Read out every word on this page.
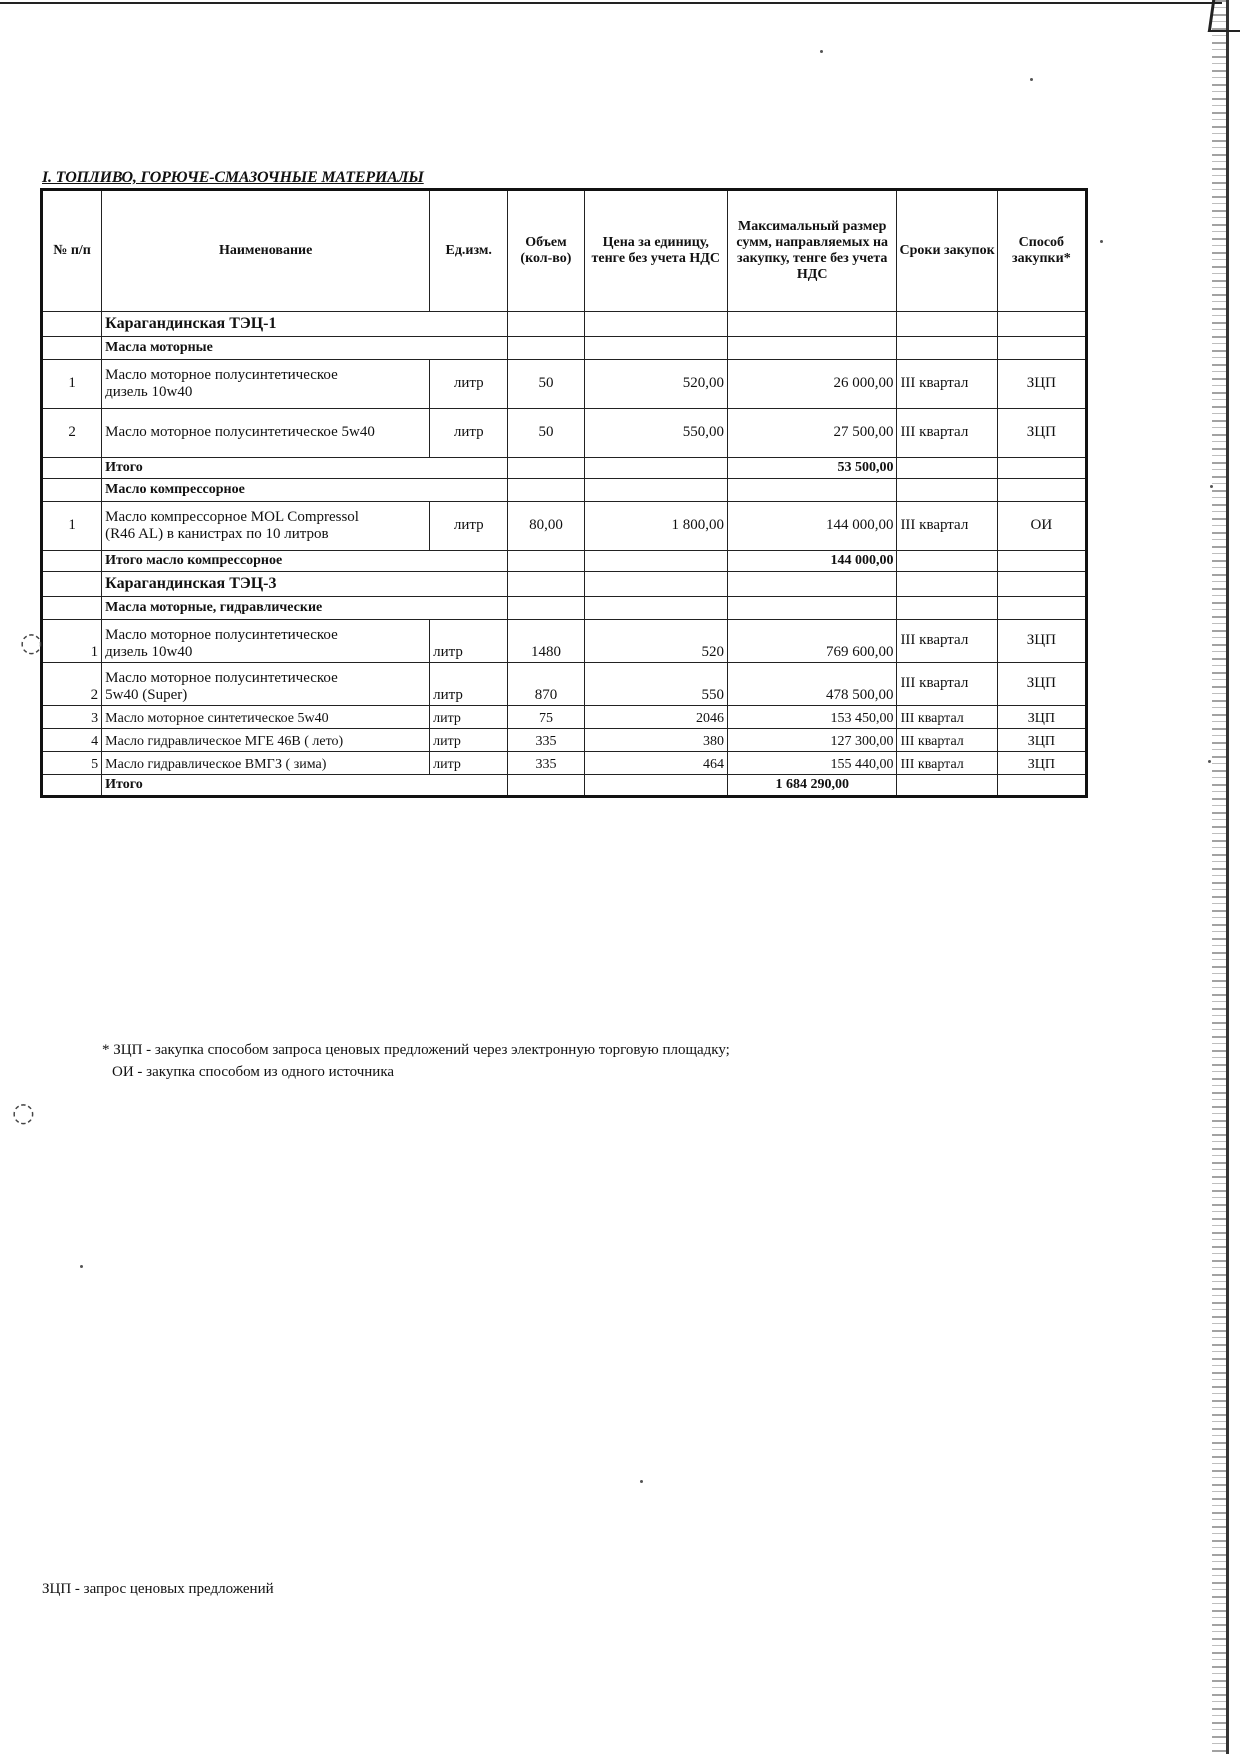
I. ТОПЛИВО, ГОРЮЧЕ-СМАЗОЧНЫЕ МАТЕРИАЛЫ
№ п/п	Наименование	Ед.изм.	Объем (кол-во)	Цена за единицу, тенге без учета НДС	Максимальный размер сумм, направляемых на закупку, тенге без учета НДС	Сроки закупок	Способ закупки*
	Карагандинская ТЭЦ-1						
	Масла моторные						
1	Масло моторное полусинтетическое
дизель 10w40	литр	50	520,00	26 000,00	III квартал	ЗЦП
2	Масло моторное полусинтетическое 5w40	литр	50	550,00	27 500,00	III квартал	ЗЦП
	Итого				53 500,00		
	Масло компрессорное						
1	Масло компрессорное MOL Compressol
(R46 AL) в канистрах по 10 литров	литр	80,00	1 800,00	144 000,00	III квартал	ОИ
	Итого масло компрессорное				144 000,00		
	Карагандинская ТЭЦ-3						
	Масла моторные, гидравлические						
1	Масло моторное полусинтетическое
дизель 10w40	литр	1480	520	769 600,00	III квартал	ЗЦП
2	Масло моторное полусинтетическое
5w40 (Super)	литр	870	550	478 500,00	III квартал	ЗЦП
3	Масло моторное синтетическое 5w40	литр	75	2046	153 450,00	III квартал	ЗЦП
4	Масло гидравлическое МГЕ 46В ( лето)	литр	335	380	127 300,00	III квартал	ЗЦП
5	Масло гидравлическое ВМГЗ ( зима)	литр	335	464	155 440,00	III квартал	ЗЦП
	Итого				1 684 290,00		
* ЗЦП - закупка способом запроса ценовых предложений через электронную торговую площадку;
ОИ - закупка способом из одного источника
ЗЦП - запрос ценовых предложений
◌
◌
